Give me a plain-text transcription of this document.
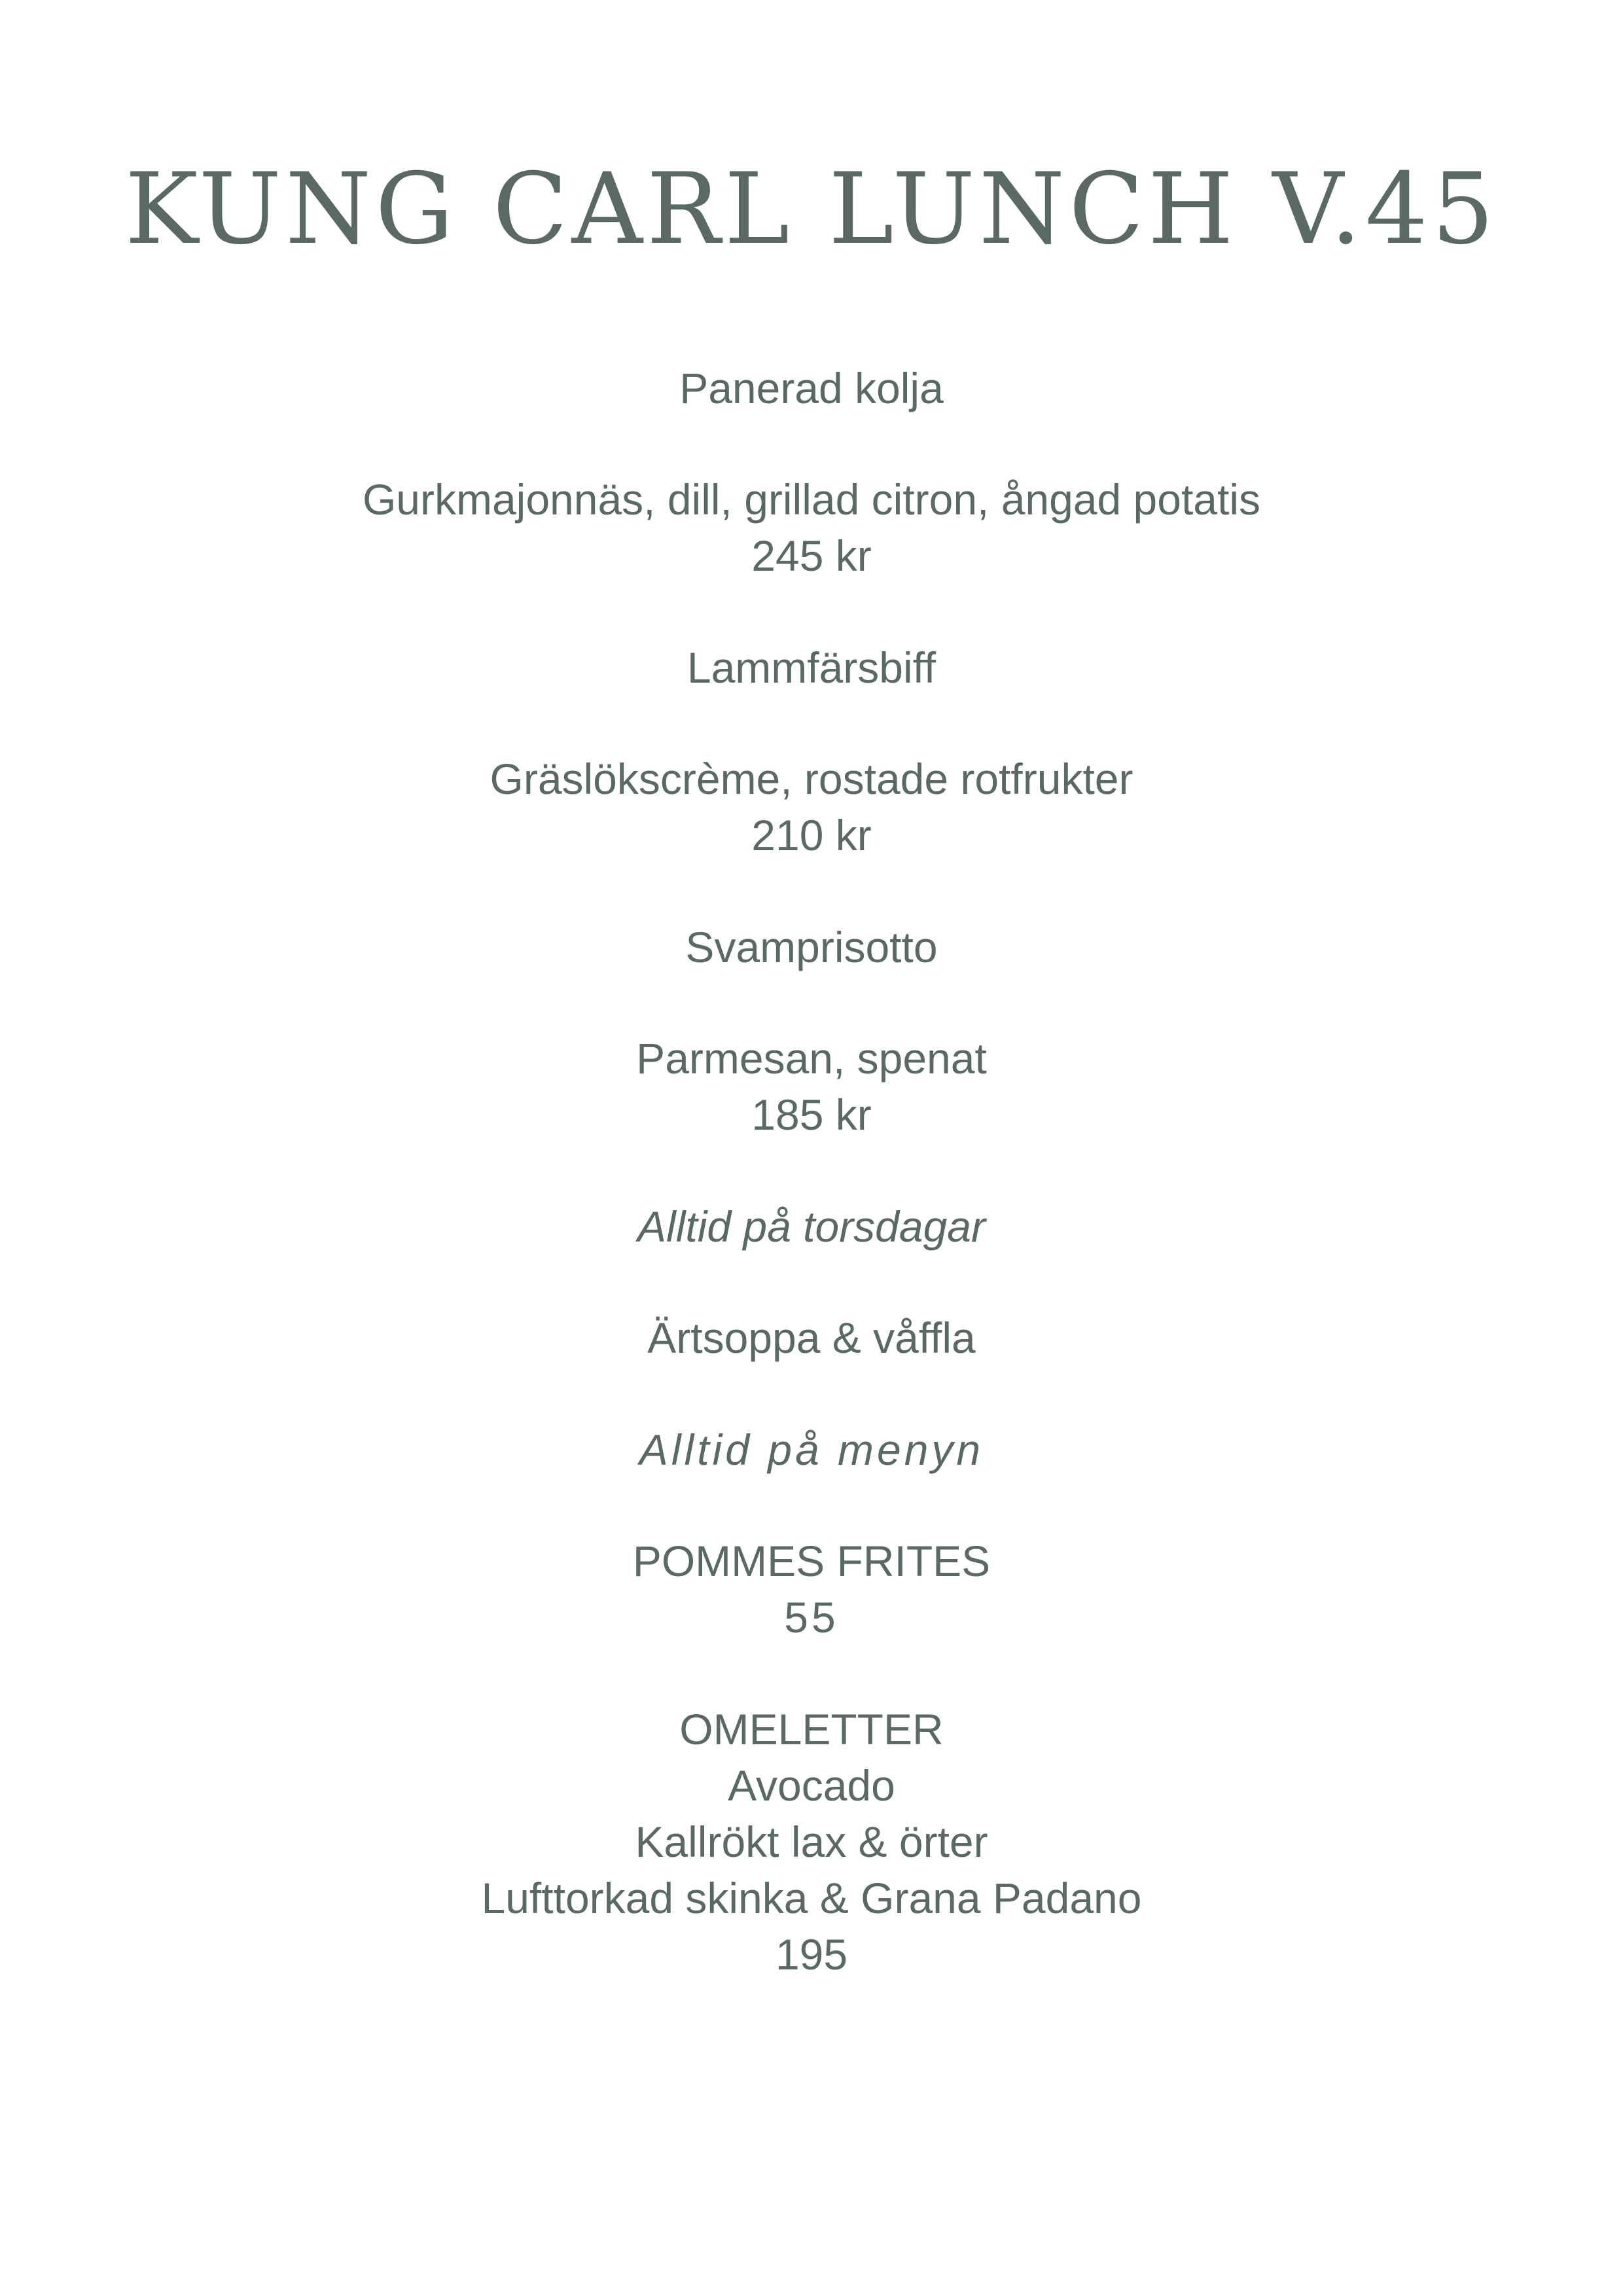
KUNG CARL LUNCH V.45
Panerad kolja
Gurkmajonnäs, dill, grillad citron, ångad potatis
245 kr
Lammfärsbiff
Gräslökscrème, rostade rotfrukter
210 kr
Svamprisotto
Parmesan, spenat
185 kr
Alltid på torsdagar
Ärtsoppa & våffla
Alltid på menyn
POMMES FRITES
55
OMELETTER
Avocado
Kallrökt lax & örter
Lufttorkad skinka & Grana Padano
195
